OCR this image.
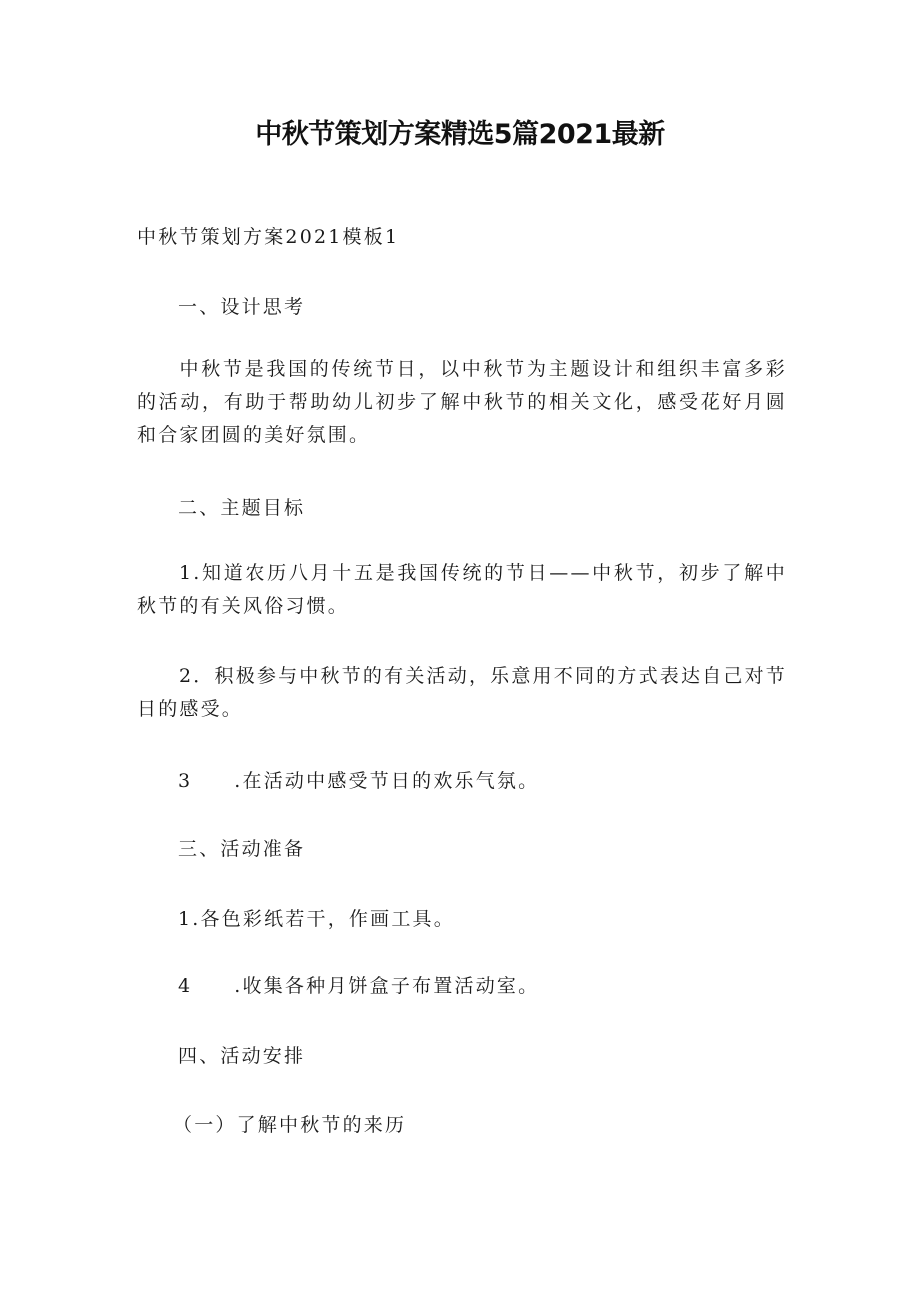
中秋节策划方案精选5篇2021最新
中秋节策划方案2021模板1
一、设计思考
中秋节是我国的传统节日，以中秋节为主题设计和组织丰富多彩的活动，有助于帮助幼儿初步了解中秋节的相关文化，感受花好月圆和合家团圆的美好氛围。
二、主题目标
1.知道农历八月十五是我国传统的节日——中秋节，初步了解中秋节的有关风俗习惯。
2．积极参与中秋节的有关活动，乐意用不同的方式表达自己对节日的感受。
3 .在活动中感受节日的欢乐气氛。
三、活动准备
1.各色彩纸若干，作画工具。
4 .收集各种月饼盒子布置活动室。
四、活动安排
（一）了解中秋节的来历
